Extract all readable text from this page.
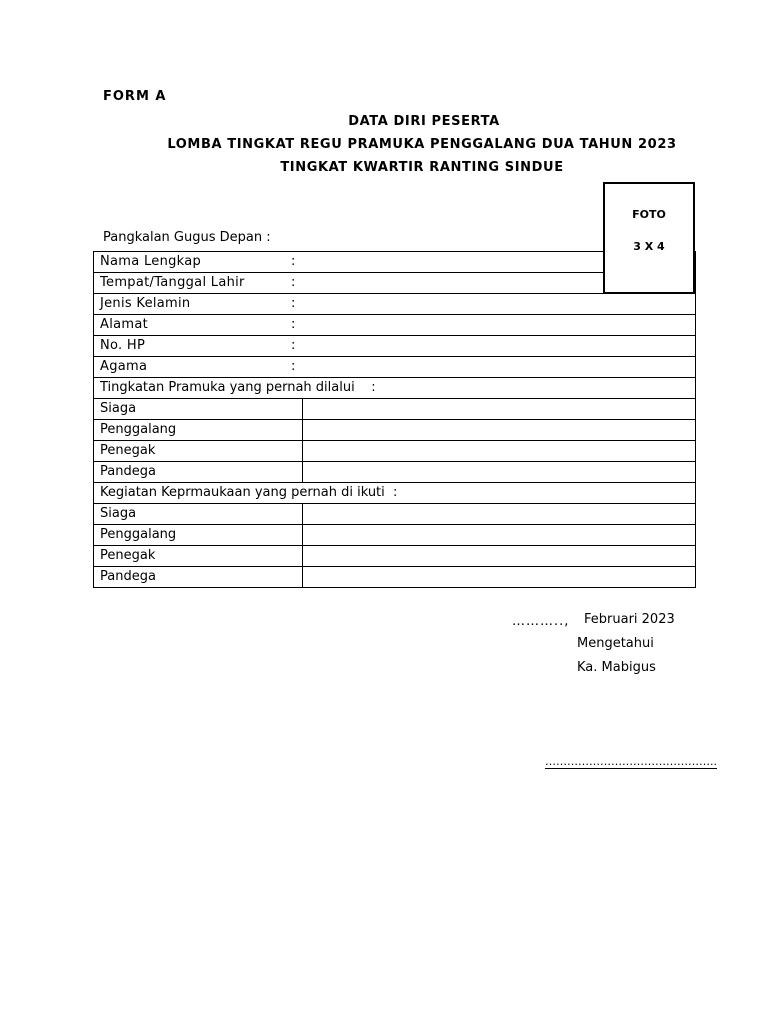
FORM A
DATA DIRI PESERTA
LOMBA TINGKAT REGU PRAMUKA PENGGALANG DUA TAHUN 2023
TINGKAT KWARTIR RANTING SINDUE
FOTO
3 X 4
Pangkalan Gugus Depan :
Nama Lengkap :	
Tempat/Tanggal Lahir :	
Jenis Kelamin :	
Alamat :	
No. HP :	
Agama :	
Tingkatan Pramuka yang pernah dilalui    :	
Siaga	
Penggalang	
Penegak	
Pandega	
Kegiatan Keprmaukaan yang pernah di ikuti  :	
Siaga	
Penggalang	
Penegak	
Pandega	
……….., Februari 2023
Mengetahui
Ka. Mabigus
………………………………………..
